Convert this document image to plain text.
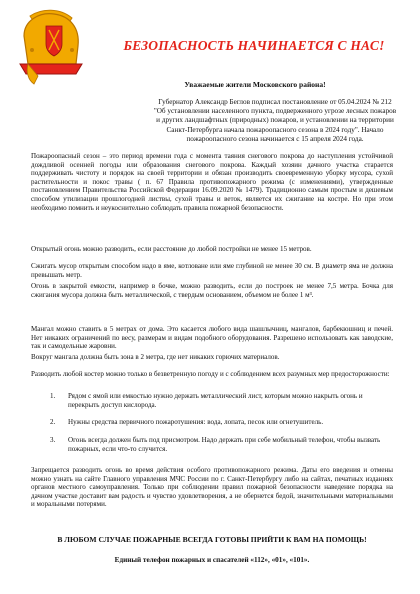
БЕЗОПАСНОСТЬ НАЧИНАЕТСЯ С НАС!
Уважаемые жители Московского района!
Губернатор Александр Беглов подписал постановление от 05.04.2024 № 212 "Об установлении населенного пункта, подверженного угрозе лесных пожаров и других ландшафтных (природных) пожаров, и установлении на территории Санкт-Петербурга начала пожароопасного сезона в 2024 году". Начало пожароопасного сезона начинается с 15 апреля 2024 года.
Пожароопасный сезон – это период времени года с момента таяния снегового покрова до наступления устойчивой дождливой осенней погоды или образования снегового покрова. Каждый хозяин дачного участка старается поддерживать чистоту и порядок на своей территории и обязан производить своевременную уборку мусора, сухой растительности и покос травы ( п. 67 Правила противопожарного режима (с изменениями), утвержденные постановлением Правительства Российской Федерации 16.09.2020 № 1479). Традиционно самым простым и дешевым способом утилизации прошлогодней листвы, сухой травы и веток, является их сжигание на костре. Но при этом необходимо помнить и неукоснительно соблюдать правила пожарной безопасности.
Открытый огонь можно разводить, если расстояние до любой постройки не менее 15 метров.
Сжигать мусор открытым способом надо в яме, котловане или яме глубиной не менее 30 см. В диаметр яма не должна превышать метр.
Огонь в закрытой емкости, например в бочке, можно разводить, если до построек не менее 7,5 метра. Бочка для сжигания мусора должна быть металлической, с твердым основанием, объемом не более 1 м³.
Мангал можно ставить в 5 метрах от дома. Это касается любого вида шашлычниц, мангалов, барбекюшниц и печей. Нет никаких ограничений по весу, размерам и видам подобного оборудования. Разрешено использовать как заводские, так и самодельные жаровни.
Вокруг мангала должна быть зона в 2 метра, где нет никаких горючих материалов.
Разводить любой костер можно только в безветренную погоду и с соблюдением всех разумных мер предосторожности:
1.	Рядом с ямой или емкостью нужно держать металлический лист, которым можно накрыть огонь и перекрыть доступ кислорода.
2.	Нужны средства первичного пожаротушения: вода, лопата, песок или огнетушитель.
3.	Огонь всегда должен быть под присмотром. Надо держать при себе мобильный телефон, чтобы вызвать пожарных, если что-то случится.
Запрещается разводить огонь во время действия особого противопожарного режима. Даты его введения и отмены можно узнать на сайте Главного управления МЧС России по г. Санкт-Петербургу либо на сайтах, печатных изданиях органов местного самоуправления. Только при соблюдении правил пожарной безопасности наведение порядка на дачном участке доставит вам радость и чувство удовлетворения, а не обернется бедой, значительными материальными и моральными потерями.
В ЛЮБОМ СЛУЧАЕ ПОЖАРНЫЕ ВСЕГДА ГОТОВЫ ПРИЙТИ К ВАМ НА ПОМОЩЬ!
Единый телефон пожарных и спасателей «112», «01», «101».
